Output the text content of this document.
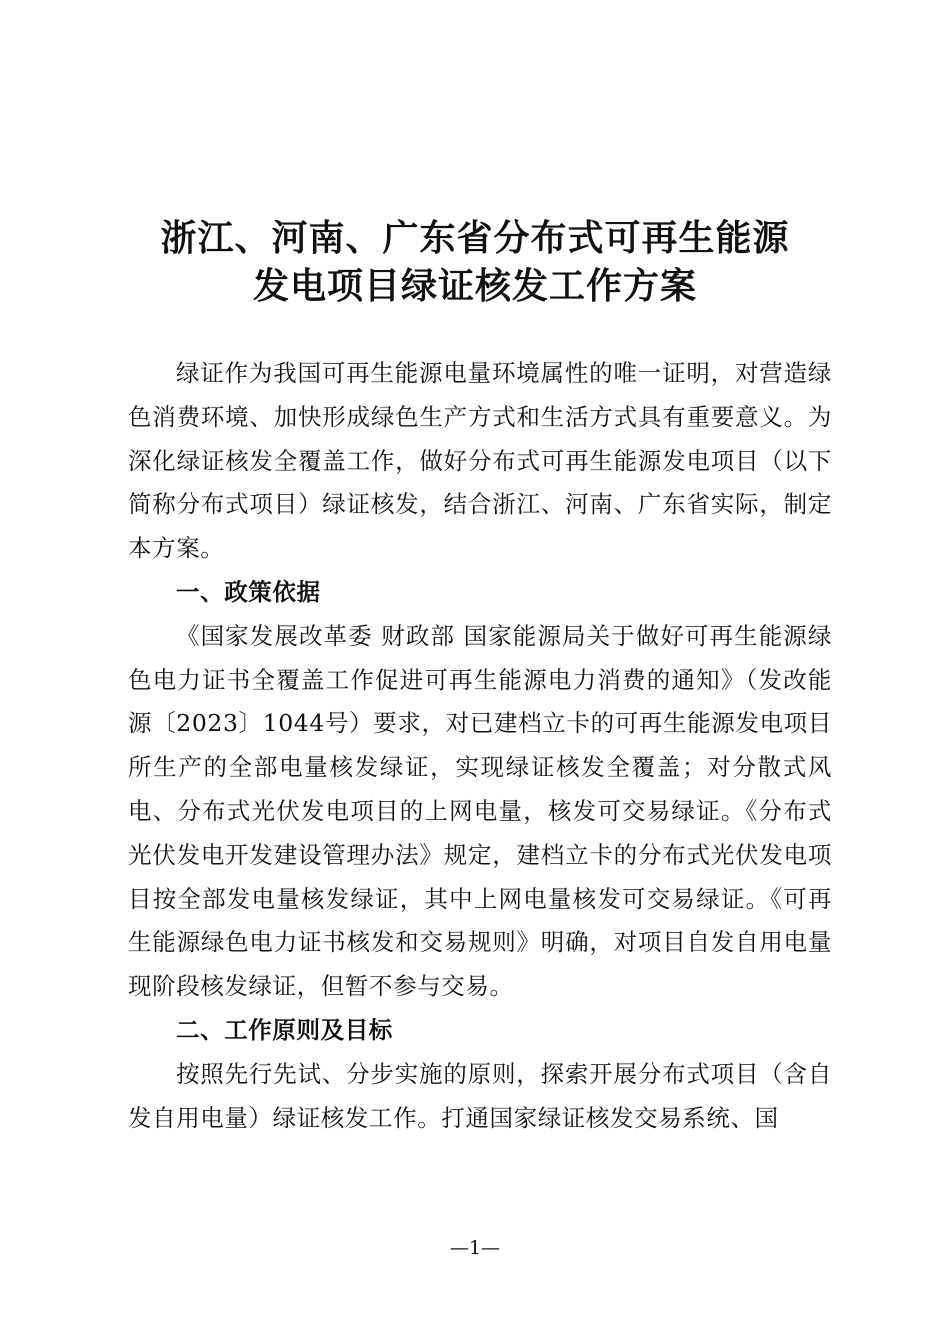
浙江、河南、广东省分布式可再生能源
发电项目绿证核发工作方案

绿证作为我国可再生能源电量环境属性的唯一证明，对营造绿色消费环境、加快形成绿色生产方式和生活方式具有重要意义。为深化绿证核发全覆盖工作，做好分布式可再生能源发电项目（以下简称分布式项目）绿证核发，结合浙江、河南、广东省实际，制定本方案。

一、政策依据

《国家发展改革委 财政部 国家能源局关于做好可再生能源绿色电力证书全覆盖工作促进可再生能源电力消费的通知》（发改能源〔2023〕1044号）要求，对已建档立卡的可再生能源发电项目所生产的全部电量核发绿证，实现绿证核发全覆盖；对分散式风电、分布式光伏发电项目的上网电量，核发可交易绿证。《分布式光伏发电开发建设管理办法》规定，建档立卡的分布式光伏发电项目按全部发电量核发绿证，其中上网电量核发可交易绿证。《可再生能源绿色电力证书核发和交易规则》明确，对项目自发自用电量现阶段核发绿证，但暂不参与交易。

二、工作原则及目标

按照先行先试、分步实施的原则，探索开展分布式项目（含自发自用电量）绿证核发工作。打通国家绿证核发交易系统、国

—1—
